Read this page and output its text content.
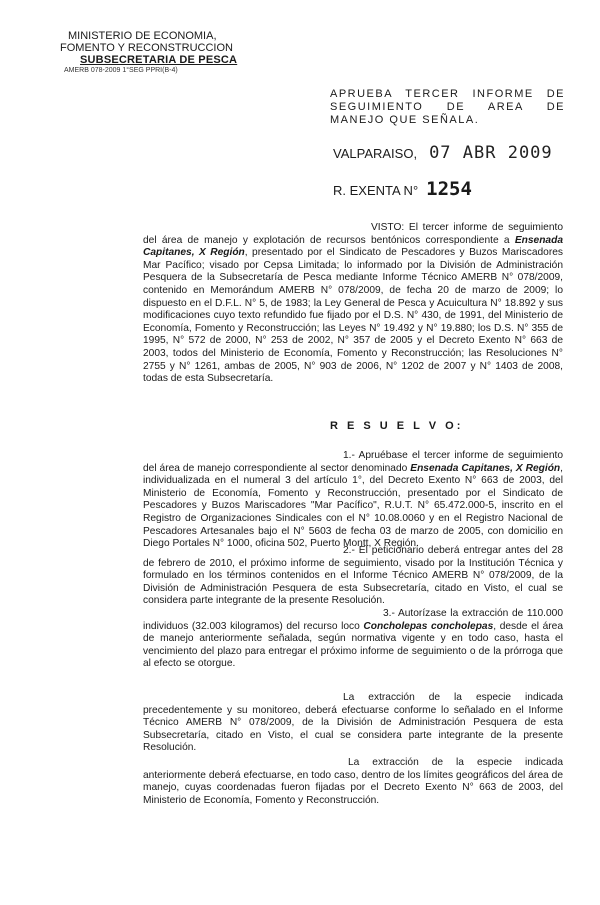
MINISTERIO DE ECONOMIA,
FOMENTO Y RECONSTRUCCION
SUBSECRETARIA DE PESCA
AMERB 078-2009 1°SEG PPRI(B-4)
APRUEBA TERCER INFORME DE SEGUIMIENTO DE AREA DE MANEJO QUE SEÑALA.
VALPARAISO, 07 ABR 2009
R. EXENTA N° 1254
VISTO: El tercer informe de seguimiento del área de manejo y explotación de recursos bentónicos correspondiente a Ensenada Capitanes, X Región, presentado por el Sindicato de Pescadores y Buzos Mariscadores Mar Pacífico; visado por Cepsa Limitada; lo informado por la División de Administración Pesquera de la Subsecretaría de Pesca mediante Informe Técnico AMERB N° 078/2009, contenido en Memorándum AMERB N° 078/2009, de fecha 20 de marzo de 2009; lo dispuesto en el D.F.L. N° 5, de 1983; la Ley General de Pesca y Acuicultura N° 18.892 y sus modificaciones cuyo texto refundido fue fijado por el D.S. N° 430, de 1991, del Ministerio de Economía, Fomento y Reconstrucción; las Leyes N° 19.492 y N° 19.880; los D.S. N° 355 de 1995, N° 572 de 2000, N° 253 de 2002, N° 357 de 2005 y el Decreto Exento N° 663 de 2003, todos del Ministerio de Economía, Fomento y Reconstrucción; las Resoluciones N° 2755 y N° 1261, ambas de 2005, N° 903 de 2006, N° 1202 de 2007 y N° 1403 de 2008, todas de esta Subsecretaría.
R E S U E L V O:
1.- Apruébase el tercer informe de seguimiento del área de manejo correspondiente al sector denominado Ensenada Capitanes, X Región, individualizada en el numeral 3 del artículo 1°, del Decreto Exento N° 663 de 2003, del Ministerio de Economía, Fomento y Reconstrucción, presentado por el Sindicato de Pescadores y Buzos Mariscadores "Mar Pacífico", R.U.T. N° 65.472.000-5, inscrito en el Registro de Organizaciones Sindicales con el N° 10.08.0060 y en el Registro Nacional de Pescadores Artesanales bajo el N° 5603 de fecha 03 de marzo de 2005, con domicilio en Diego Portales N° 1000, oficina 502, Puerto Montt, X Región.
2.- El peticionario deberá entregar antes del 28 de febrero de 2010, el próximo informe de seguimiento, visado por la Institución Técnica y formulado en los términos contenidos en el Informe Técnico AMERB N° 078/2009, de la División de Administración Pesquera de esta Subsecretaría, citado en Visto, el cual se considera parte integrante de la presente Resolución.
3.- Autorízase la extracción de 110.000 individuos (32.003 kilogramos) del recurso loco Concholepas concholepas, desde el área de manejo anteriormente señalada, según normativa vigente y en todo caso, hasta el vencimiento del plazo para entregar el próximo informe de seguimiento o de la prórroga que al efecto se otorgue.
La extracción de la especie indicada precedentemente y su monitoreo, deberá efectuarse conforme lo señalado en el Informe Técnico AMERB N° 078/2009, de la División de Administración Pesquera de esta Subsecretaría, citado en Visto, el cual se considera parte integrante de la presente Resolución.
La extracción de la especie indicada anteriormente deberá efectuarse, en todo caso, dentro de los límites geográficos del área de manejo, cuyas coordenadas fueron fijadas por el Decreto Exento N° 663 de 2003, del Ministerio de Economía, Fomento y Reconstrucción.
